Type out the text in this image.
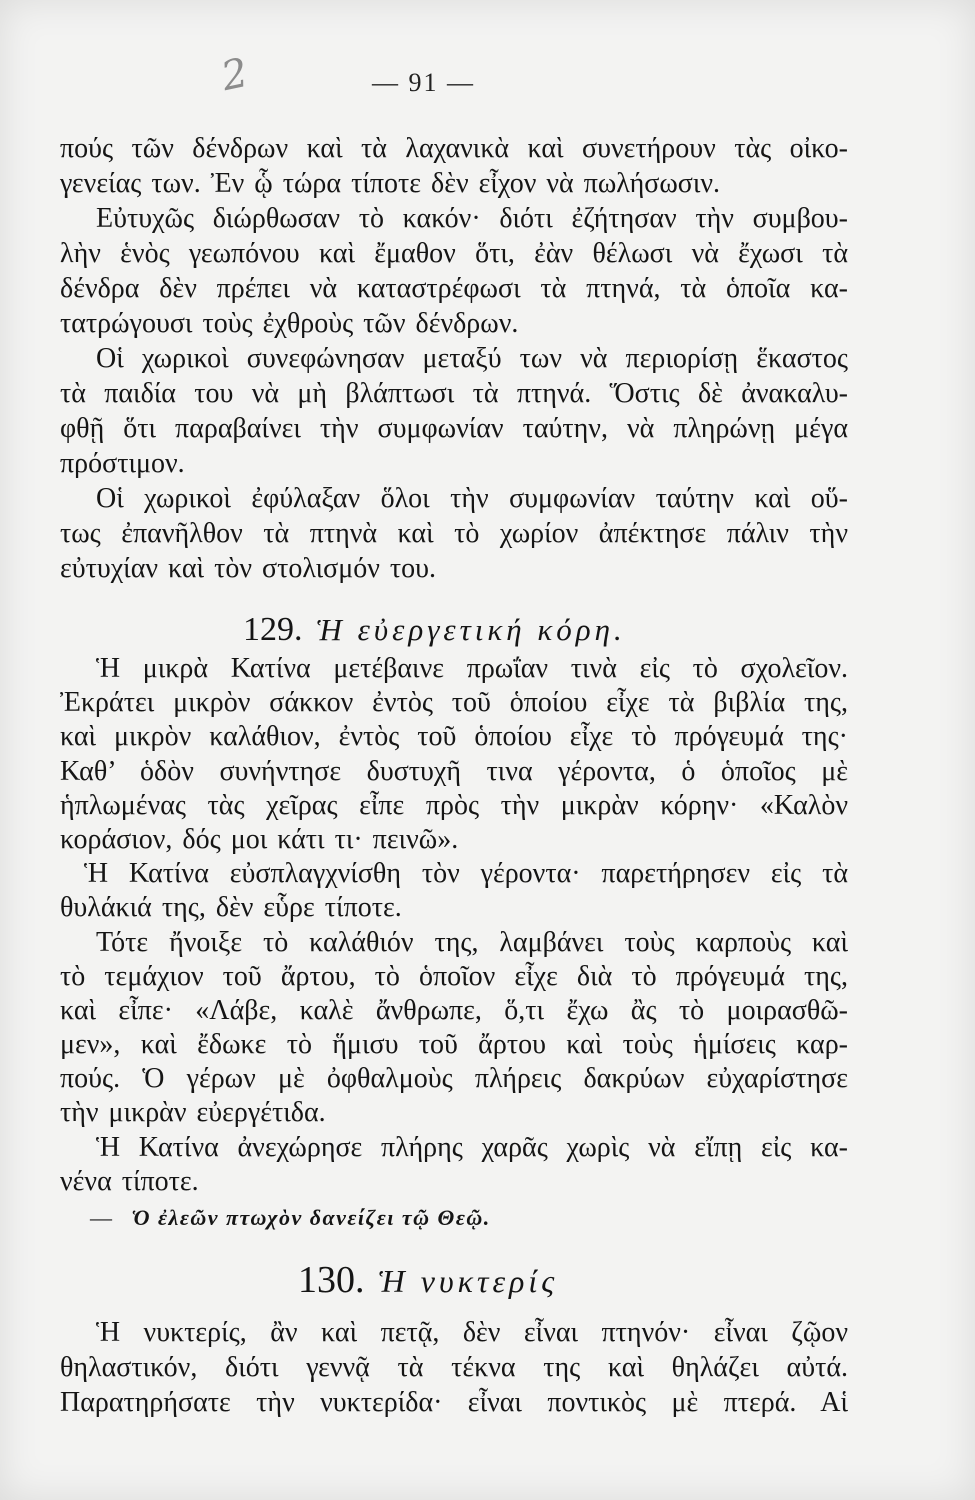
2	— 91 —
πούς τῶν δένδρων καὶ τὰ λαχανικὰ καὶ συνετήρουν τὰς οἰκο-
γενείας των. Ἐν ᾧ τώρα τίποτε δὲν εἶχον νὰ πωλήσωσιν.
Εὐτυχῶς διώρθωσαν τὸ κακόν· διότι ἐζήτησαν τὴν συμβου-
λὴν ἑνὸς γεωπόνου καὶ ἔμαθον ὅτι, ἐὰν θέλωσι νὰ ἔχωσι τὰ
δένδρα δὲν πρέπει νὰ καταστρέφωσι τὰ πτηνά, τὰ ὁποῖα κα-
τατρώγουσι τοὺς ἐχθροὺς τῶν δένδρων.
Οἱ χωρικοὶ συνεφώνησαν μεταξύ των νὰ περιορίσῃ ἕκαστος
τὰ παιδία του νὰ μὴ βλάπτωσι τὰ πτηνά. Ὅστις δὲ ἀνακαλυ-
φθῇ ὅτι παραβαίνει τὴν συμφωνίαν ταύτην, νὰ πληρώνῃ μέγα
πρόστιμον.
Οἱ χωρικοὶ ἐφύλαξαν ὅλοι τὴν συμφωνίαν ταύτην καὶ οὕ-
τως ἐπανῆλθον τὰ πτηνὰ καὶ τὸ χωρίον ἀπέκτησε πάλιν τὴν
εὐτυχίαν καὶ τὸν στολισμόν του.
129. Ἡ εὐεργετική κόρη.
Ἡ μικρὰ Κατίνα μετέβαινε πρωΐαν τινὰ εἰς τὸ σχολεῖον.
Ἐκράτει μικρὸν σάκκον ἐντὸς τοῦ ὁποίου εἶχε τὰ βιβλία της,
καὶ μικρὸν καλάθιον, ἐντὸς τοῦ ὁποίου εἶχε τὸ πρόγευμά της·
Καθ’ ὁδὸν συνήντησε δυστυχῆ τινα γέροντα, ὁ ὁποῖος μὲ
ἡπλωμένας τὰς χεῖρας εἶπε πρὸς τὴν μικρὰν κόρην· «Καλὸν
κοράσιον, δός μοι κάτι τι· πεινῶ».
Ἡ Κατίνα εὐσπλαγχνίσθη τὸν γέροντα· παρετήρησεν εἰς τὰ
θυλάκιά της, δὲν εὗρε τίποτε.
Τότε ἤνοιξε τὸ καλάθιόν της, λαμβάνει τοὺς καρποὺς καὶ
τὸ τεμάχιον τοῦ ἄρτου, τὸ ὁποῖον εἶχε διὰ τὸ πρόγευμά της,
καὶ εἶπε· «Λάβε, καλὲ ἄνθρωπε, ὅ,τι ἔχω ἂς τὸ μοιρασθῶ-
μεν», καὶ ἔδωκε τὸ ἥμισυ τοῦ ἄρτου καὶ τοὺς ἡμίσεις καρ-
πούς. Ὁ γέρων μὲ ὀφθαλμοὺς πλήρεις δακρύων εὐχαρίστησε
τὴν μικρὰν εὐεργέτιδα.
Ἡ Κατίνα ἀνεχώρησε πλήρης χαρᾶς χωρὶς νὰ εἴπῃ εἰς κα-
νένα τίποτε.
— Ὁ ἐλεῶν πτωχὸν δανείζει τῷ Θεῷ.
130. Ἡ νυκτερίς
Ἡ νυκτερίς, ἂν καὶ πετᾷ, δὲν εἶναι πτηνόν· εἶναι ζῷον
θηλαστικόν, διότι γεννᾷ τὰ τέκνα της καὶ θηλάζει αὐτά.
Παρατηρήσατε τὴν νυκτερίδα· εἶναι ποντικὸς μὲ πτερά. Αἱ
